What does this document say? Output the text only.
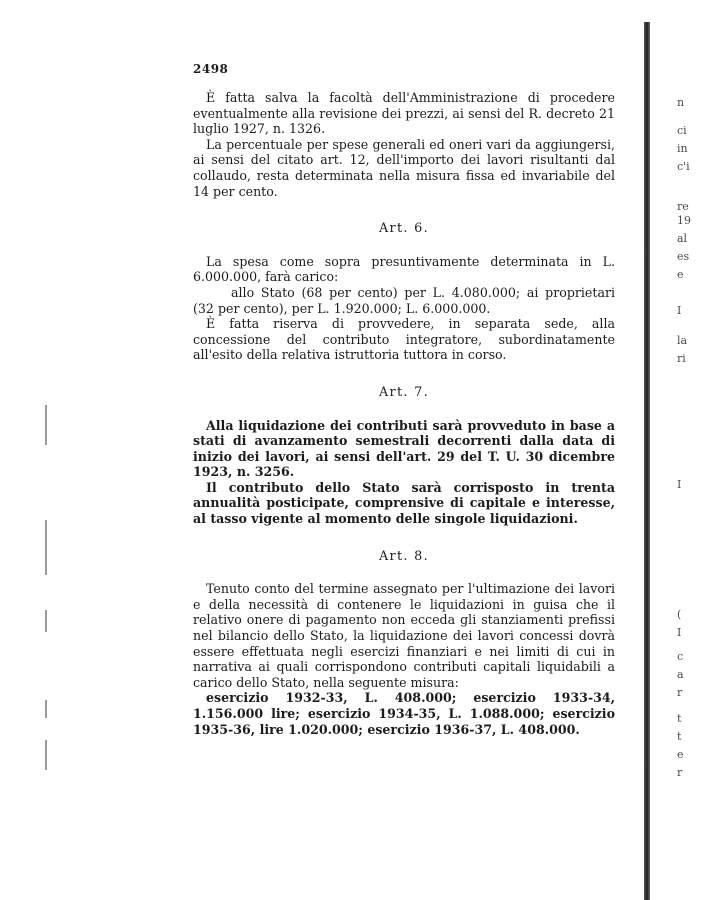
2498

È fatta salva la facoltà dell'Amministrazione di procedere eventualmente alla revisione dei prezzi, ai sensi del R. decreto 21 luglio 1927, n. 1326.

La percentuale per spese generali ed oneri vari da aggiungersi, ai sensi del citato art. 12, dell'importo dei lavori risultanti dal collaudo, resta determinata nella misura fissa ed invariabile del 14 per cento.

Art. 6.

La spesa come sopra presuntivamente determinata in L. 6.000.000, farà carico:

allo Stato (68 per cento) per L. 4.080.000; ai proprietari (32 per cento), per L. 1.920.000; L. 6.000.000.

È fatta riserva di provvedere, in separata sede, alla concessione del contributo integratore, subordinatamente all'esito della relativa istruttoria tuttora in corso.

Art. 7.

Alla liquidazione dei contributi sarà provveduto in base a stati di avanzamento semestrali decorrenti dalla data di inizio dei lavori, ai sensi dell'art. 29 del T. U. 30 dicembre 1923, n. 3256.

Il contributo dello Stato sarà corrisposto in trenta annualità posticipate, comprensive di capitale e interesse, al tasso vigente al momento delle singole liquidazioni.

Art. 8.

Tenuto conto del termine assegnato per l'ultimazione dei lavori e della necessità di contenere le liquidazioni in guisa che il relativo onere di pagamento non ecceda gli stanziamenti prefissi nel bilancio dello Stato, la liquidazione dei lavori concessi dovrà essere effettuata negli esercizi finanziari e nei limiti di cui in narrativa ai quali corrispondono contributi capitali liquidabili a carico dello Stato, nella seguente misura:

esercizio 1932-33, L. 408.000; esercizio 1933-34, 1.156.000 lire; esercizio 1934-35, L. 1.088.000; esercizio 1935-36, lire 1.020.000; esercizio 1936-37, L. 408.000.

n
ci
in
c'i
re
19
al
es
e
I
la
ri
I
(
I
c
a
r
t
t
e
r
